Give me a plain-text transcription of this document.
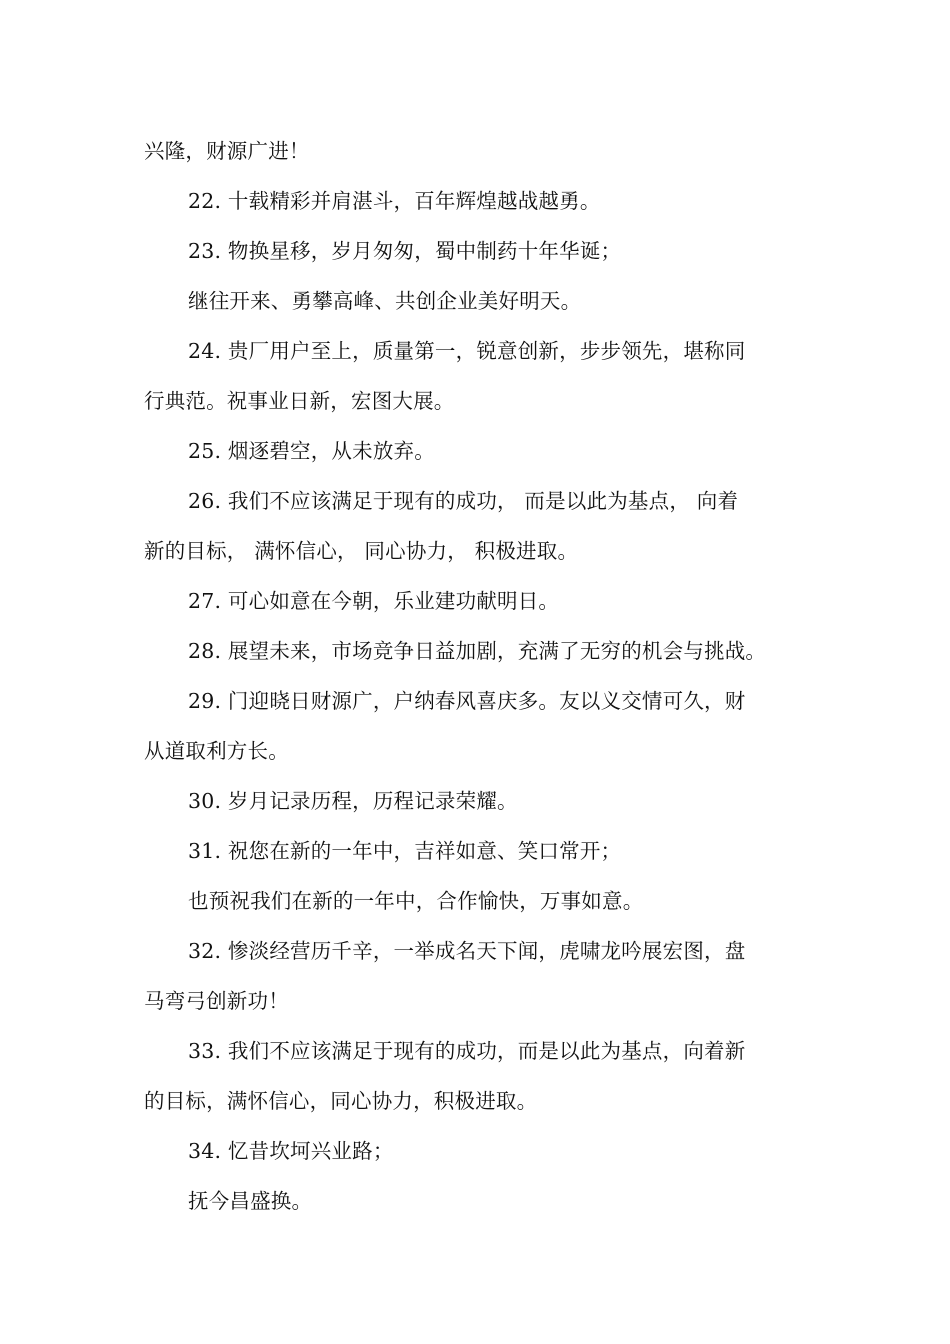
兴隆，财源广进！
22. 十载精彩并肩湛斗，百年辉煌越战越勇。
23. 物换星移，岁月匆匆，蜀中制药十年华诞；
继往开来、勇攀高峰、共创企业美好明天。
24. 贵厂用户至上，质量第一，锐意创新，步步领先，堪称同
行典范。祝事业日新，宏图大展。
25. 烟逐碧空，从未放弃。
26. 我们不应该满足于现有的成功， 而是以此为基点， 向着
新的目标， 满怀信心， 同心协力， 积极进取。
27. 可心如意在今朝，乐业建功献明日。
28. 展望未来，市场竞争日益加剧，充满了无穷的机会与挑战。
29. 门迎晓日财源广，户纳春风喜庆多。友以义交情可久，财
从道取利方长。
30. 岁月记录历程，历程记录荣耀。
31. 祝您在新的一年中，吉祥如意、笑口常开；
也预祝我们在新的一年中，合作愉快，万事如意。
32. 惨淡经营历千辛，一举成名天下闻，虎啸龙吟展宏图，盘
马弯弓创新功！
33. 我们不应该满足于现有的成功，而是以此为基点，向着新
的目标，满怀信心，同心协力，积极进取。
34. 忆昔坎坷兴业路；
抚今昌盛换。
